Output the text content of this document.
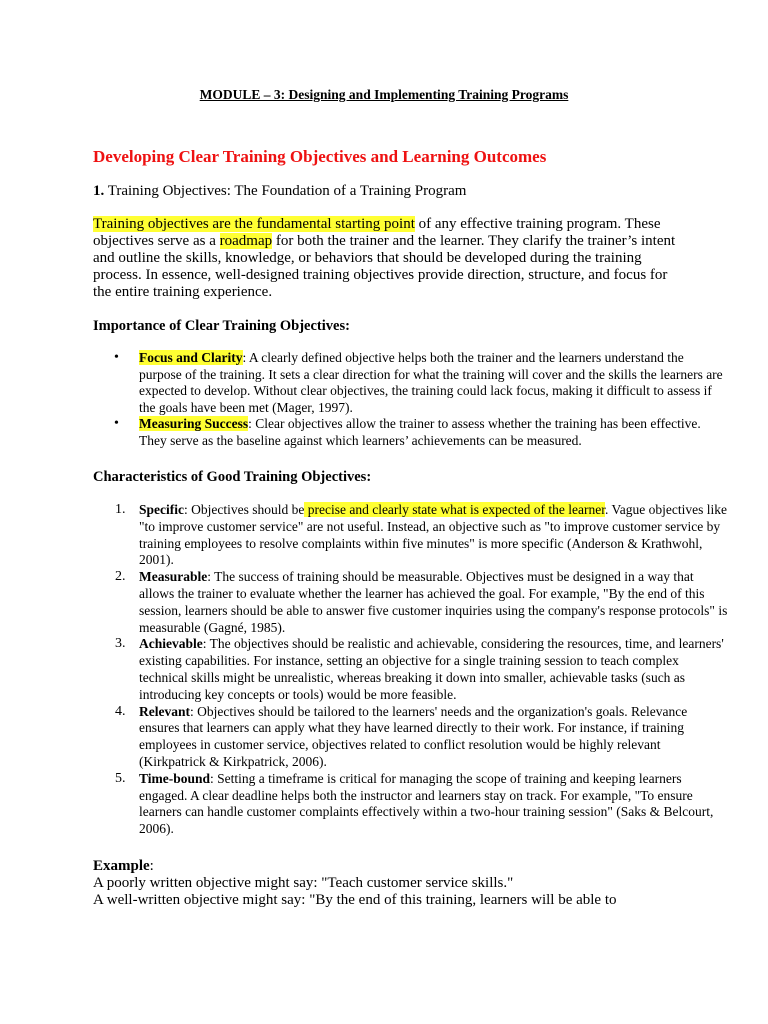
MODULE – 3: Designing and Implementing Training Programs
Developing Clear Training Objectives and Learning Outcomes
1. Training Objectives: The Foundation of a Training Program
Training objectives are the fundamental starting point of any effective training program. These objectives serve as a roadmap for both the trainer and the learner. They clarify the trainer’s intent and outline the skills, knowledge, or behaviors that should be developed during the training process. In essence, well-designed training objectives provide direction, structure, and focus for the entire training experience.
Importance of Clear Training Objectives:
• Focus and Clarity: A clearly defined objective helps both the trainer and the learners understand the purpose of the training. It sets a clear direction for what the training will cover and the skills the learners are expected to develop. Without clear objectives, the training could lack focus, making it difficult to assess if the goals have been met (Mager, 1997).
• Measuring Success: Clear objectives allow the trainer to assess whether the training has been effective. They serve as the baseline against which learners’ achievements can be measured.
Characteristics of Good Training Objectives:
1. Specific: Objectives should be precise and clearly state what is expected of the learner. Vague objectives like "to improve customer service" are not useful. Instead, an objective such as "to improve customer service by training employees to resolve complaints within five minutes" is more specific (Anderson & Krathwohl, 2001).
2. Measurable: The success of training should be measurable. Objectives must be designed in a way that allows the trainer to evaluate whether the learner has achieved the goal. For example, "By the end of this session, learners should be able to answer five customer inquiries using the company's response protocols" is measurable (Gagné, 1985).
3. Achievable: The objectives should be realistic and achievable, considering the resources, time, and learners' existing capabilities. For instance, setting an objective for a single training session to teach complex technical skills might be unrealistic, whereas breaking it down into smaller, achievable tasks (such as introducing key concepts or tools) would be more feasible.
4. Relevant: Objectives should be tailored to the learners' needs and the organization's goals. Relevance ensures that learners can apply what they have learned directly to their work. For instance, if training employees in customer service, objectives related to conflict resolution would be highly relevant (Kirkpatrick & Kirkpatrick, 2006).
5. Time-bound: Setting a timeframe is critical for managing the scope of training and keeping learners engaged. A clear deadline helps both the instructor and learners stay on track. For example, "To ensure learners can handle customer complaints effectively within a two-hour training session" (Saks & Belcourt, 2006).
Example:
A poorly written objective might say: "Teach customer service skills."
A well-written objective might say: "By the end of this training, learners will be able to
